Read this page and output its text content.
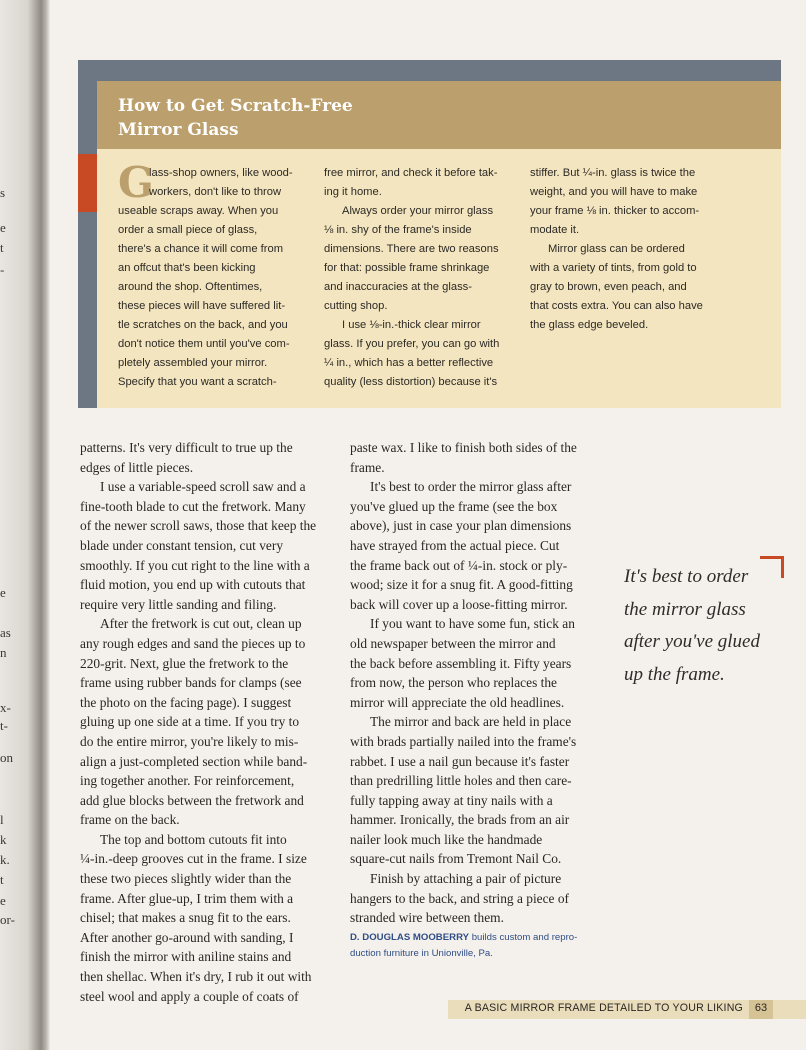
s
e
t
-
e
as
n
x-
t-
l
k
k.
t
e
or-
on
How to Get Scratch-Free
Mirror Glass
G

lass-shop owners, like wood-

workers, don't like to throw

useable scraps away. When you

order a small piece of glass,

there's a chance it will come from

an offcut that's been kicking

around the shop. Oftentimes,

these pieces will have suffered lit-

tle scratches on the back, and you

don't notice them until you've com-

pletely assembled your mirror.

Specify that you want a scratch-

free mirror, and check it before tak-

ing it home.

Always order your mirror glass

⅛ in. shy of the frame's inside

dimensions. There are two reasons

for that: possible frame shrinkage

and inaccuracies at the glass-

cutting shop.

I use ⅛-in.-thick clear mirror

glass. If you prefer, you can go with

¼ in., which has a better reflective

quality (less distortion) because it's

stiffer. But ¼-in. glass is twice the

weight, and you will have to make

your frame ⅛ in. thicker to accom-

modate it.

Mirror glass can be ordered

with a variety of tints, from gold to

gray to brown, even peach, and

that costs extra. You can also have

the glass edge beveled.

patterns. It's very difficult to true up the

edges of little pieces.

I use a variable-speed scroll saw and a

fine-tooth blade to cut the fretwork. Many

of the newer scroll saws, those that keep the

blade under constant tension, cut very

smoothly. If you cut right to the line with a

fluid motion, you end up with cutouts that

require very little sanding and filing.

After the fretwork is cut out, clean up

any rough edges and sand the pieces up to

220-grit. Next, glue the fretwork to the

frame using rubber bands for clamps (see

the photo on the facing page). I suggest

gluing up one side at a time. If you try to

do the entire mirror, you're likely to mis-

align a just-completed section while band-

ing together another. For reinforcement,

add glue blocks between the fretwork and

frame on the back.

The top and bottom cutouts fit into

¼-in.-deep grooves cut in the frame. I size

these two pieces slightly wider than the

frame. After glue-up, I trim them with a

chisel; that makes a snug fit to the ears.

After another go-around with sanding, I

finish the mirror with aniline stains and

then shellac. When it's dry, I rub it out with

steel wool and apply a couple of coats of

paste wax. I like to finish both sides of the

frame.

It's best to order the mirror glass after

you've glued up the frame (see the box

above), just in case your plan dimensions

have strayed from the actual piece. Cut

the frame back out of ¼-in. stock or ply-

wood; size it for a snug fit. A good-fitting

back will cover up a loose-fitting mirror.

If you want to have some fun, stick an

old newspaper between the mirror and

the back before assembling it. Fifty years

from now, the person who replaces the

mirror will appreciate the old headlines.

The mirror and back are held in place

with brads partially nailed into the frame's

rabbet. I use a nail gun because it's faster

than predrilling little holes and then care-

fully tapping away at tiny nails with a

hammer. Ironically, the brads from an air

nailer look much like the handmade

square-cut nails from Tremont Nail Co.

Finish by attaching a pair of picture

hangers to the back, and string a piece of

stranded wire between them.

D. DOUGLAS MOOBERRY builds custom and repro-
duction furniture in Unionville, Pa.
It's best to order
the mirror glass
after you've glued
up the frame.
A BASIC MIRROR FRAME DETAILED TO YOUR LIKING	63
